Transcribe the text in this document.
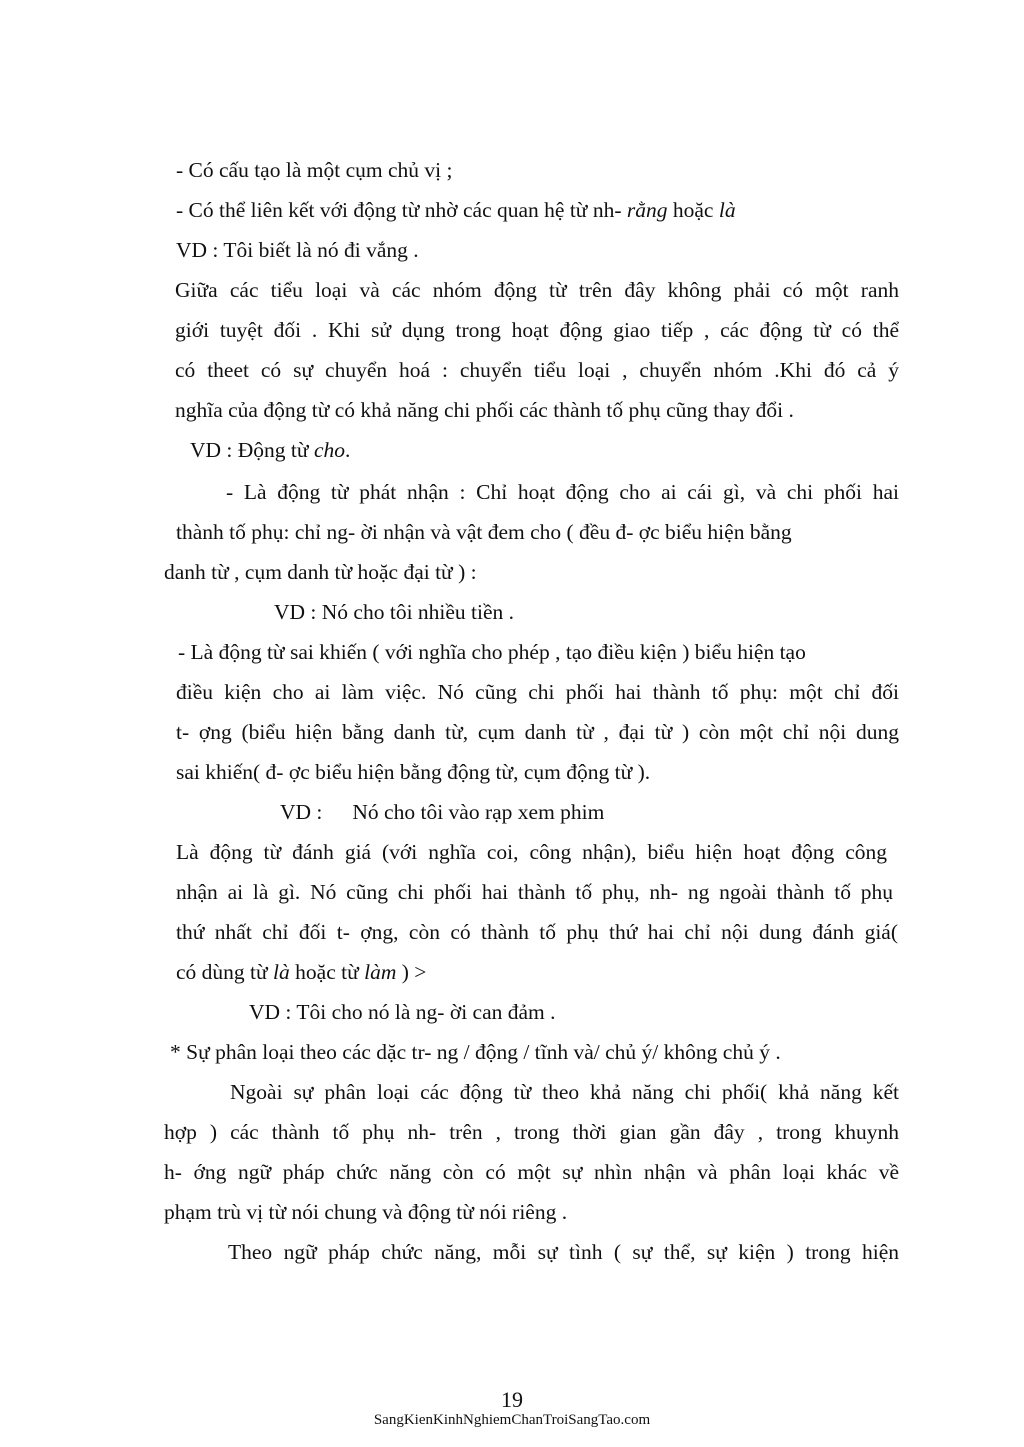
- Có cấu tạo là một cụm chủ vị ;
- Có thể liên kết với động từ nhờ các quan hệ từ nh- rằng hoặc là
VD : Tôi biết là nó đi vắng .
Giữa các tiểu loại và các nhóm động từ trên đây không phải có một ranh
giới tuyệt đối . Khi sử dụng trong hoạt động giao tiếp , các động từ có thể
có theet có sự chuyển hoá : chuyển tiểu loại , chuyển nhóm .Khi đó cả ý
nghĩa của động từ có khả năng chi phối các thành tố phụ cũng thay đổi .
VD : Động từ cho.
- Là động từ phát nhận : Chỉ hoạt động cho ai cái gì, và chi phối hai
thành tố phụ: chỉ ng- ời nhận và vật đem cho ( đều đ- ợc biểu hiện bằng
danh từ , cụm danh từ hoặc đại từ ) :
VD : Nó cho tôi nhiều tiền .
- Là động từ sai khiến ( với nghĩa cho phép , tạo điều kiện ) biểu hiện tạo
điều kiện cho ai làm việc. Nó cũng chi phối hai thành tố phụ: một chỉ đối
t- ợng (biểu hiện bằng danh từ, cụm danh từ , đại từ ) còn một chỉ nội dung
sai khiến( đ- ợc biểu hiện bằng động từ, cụm động từ ).
VD : Nó cho tôi vào rạp xem phim
Là động từ đánh giá (với nghĩa coi, công nhận), biểu hiện hoạt động công
nhận ai là gì. Nó cũng chi phối hai thành tố phụ, nh- ng ngoài thành tố phụ
thứ nhất chỉ đối t- ợng, còn có thành tố phụ thứ hai chỉ nội dung đánh giá(
có dùng từ là hoặc từ làm ) >
VD : Tôi cho nó là ng- ời can đảm .
* Sự phân loại theo các dặc tr- ng / động / tĩnh và/ chủ ý/ không chủ ý .
Ngoài sự phân loại các động từ theo khả năng chi phối( khả năng kết
hợp ) các thành tố phụ nh- trên , trong thời gian gần đây , trong khuynh
h- ớng ngữ pháp chức năng còn có một sự nhìn nhận và phân loại khác về
phạm trù vị từ nói chung và động từ nói riêng .
Theo ngữ pháp chức năng, mỗi sự tình ( sự thể, sự kiện ) trong hiện
19
SangKienKinhNghiemChanTroiSangTao.com
